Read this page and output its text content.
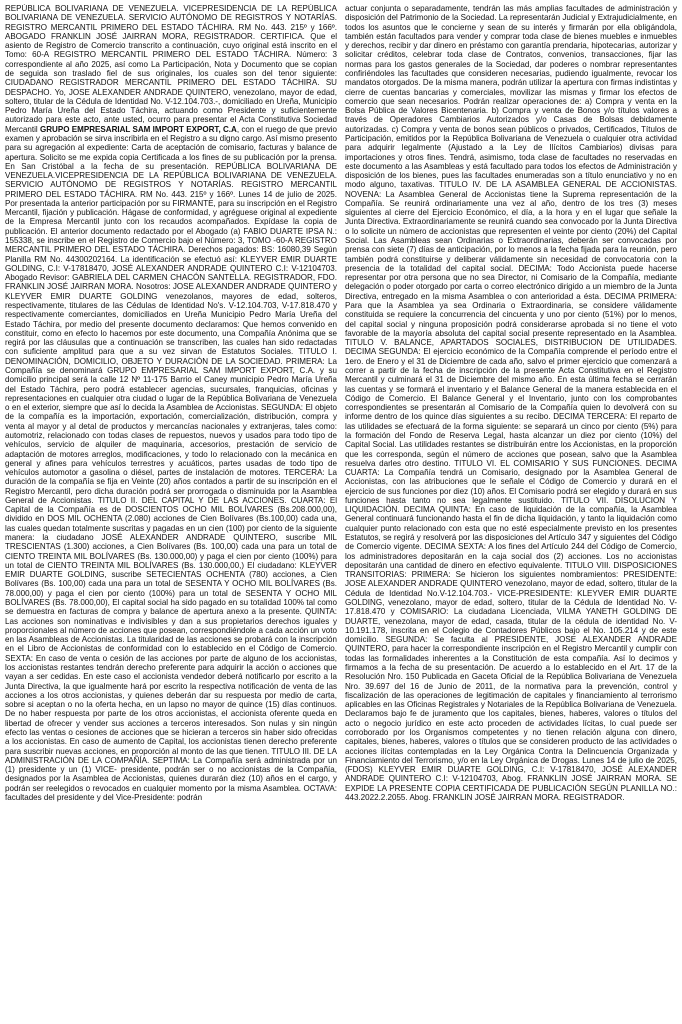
REPÚBLICA BOLIVARIANA DE VENEZUELA. VICEPRESIDENCIA DE LA REPÚBLICA BOLIVARIANA DE VENEZUELA. SERVICIO AUTÓNOMO DE REGISTROS Y NOTARÍAS. REGISTRO MERCANTIL PRIMERO DEL ESTADO TÁCHIRA. RM No. 443. 215º y 166º. ABOGADO FRANKLIN JOSÉ JAIRRAN MORA, REGISTRADOR. CERTIFICA. Que el asiento de Registro de Comercio transcrito a continuación, cuyo original está inscrito en el Tomo: 60-A REGISTRO MERCANTIL PRIMERO DEL ESTADO TÁCHIRA. Número: 3 correspondiente al año 2025, así como La Participación, Nota y Documento que se copian de seguida son traslado fiel de sus originales, los cuales son del tenor siguiente: CIUDADANO REGISTRADOR MERCANTIL PRIMERO DEL ESTADO TÁCHIRA. SU DESPACHO. Yo, JOSE ALEXANDER ANDRADE QUINTERO, venezolano, mayor de edad, soltero, titular de la Cédula de Identidad No. V-12.104.703.-, domiciliado en Ureña, Municipio Pedro María Ureña del Estado Táchira, actuando como Presidente y suficientemente autorizado para este acto, ante usted, ocurro para presentar el Acta Constitutiva Sociedad Mercantil GRUPO EMPRESARIAL SAM IMPORT EXPORT, C.A, con el ruego de que previo examen y aprobación se sirva inscribirla en el Registro a su digno cargo. Así mismo presento para su agregación al expediente: Carta de aceptación de comisario, facturas y balance de apertura. Solicito se me expida copia Certificada a los fines de su publicación por la prensa. En San Cristóbal a la fecha de su presentación. REPÚBLICA BOLIVARIANA DE VENEZUELA.VICEPRESIDENCIA DE LA REPÚBLICA BOLIVARIANA DE VENEZUELA. SERVICIO AUTÓNOMO DE REGISTROS Y NOTARÍAS. REGISTRO MERCANTIL PRIMERO DEL ESTADO TÁCHIRA. RM No. 443. 215º y 166º. Lunes 14 de julio de 2025. Por presentada la anterior participación por su FIRMANTE, para su inscripción en el Registro Mercantil, fijación y publicación. Hágase de conformidad, y agréguese original al expediente de la Empresa Mercantil junto con los recaudos acompañados. Expídase la copia de publicación. El anterior documento redactado por el Abogado (a) FABIO DUARTE IPSA N.: 155338, se inscribe en el Registro de Comercio bajo el Número: 3, TOMO -60-A REGISTRO MERCANTIL PRIMERO DEL ESTADO TÁCHIRA. Derechos pagados: BS: 16080,39 Según Planilla RM No. 44300202164. La identificación se efectuó así: KLEYVER EMIR DUARTE GOLDING, C.I: V-17818470, JOSÉ ALEXANDER ANDRADE QUINTERO C.I: V-12104703. Abogado Revisor: GABRIELA DEL CARMEN CHACÓN SANTELLA. REGISTRADOR, FDO. FRANKLIN JOSÉ JAIRRAN MORA. Nosotros: JOSE ALEXANDER ANDRADE QUINTERO y KLEYVER EMIR DUARTE GOLDING venezolanos, mayores de edad, solteros, respectivamente, titulares de las Cédulas de Identidad No's. V-12.104.703, V-17.818.470 y respectivamente comerciantes, domiciliados en Ureña Municipio Pedro María Ureña del Estado Táchira, por medio del presente documento declaramos: Que hemos convenido en constituir, como en efecto lo hacemos por este documento, una Compañía Anónima que se regirá por las cláusulas que a continuación se transcriben, las cuales han sido redactadas con suficiente amplitud para que a su vez sirvan de Estatutos Sociales. TITULO I. DENOMINACIÓN, DOMICILIO, OBJETO Y DURACIÓN DE LA SOCIEDAD. PRIMERA: La Compañía se denominará GRUPO EMPRESARIAL SAM IMPORT EXPORT, C.A. y su domicilio principal será la calle 12 Nº 11-175 Barrio el Caney municipio Pedro María Ureña del Estado Táchira, pero podrá establecer agencias, sucursales, franquicias, oficinas y representaciones en cualquier otra ciudad o lugar de la República Bolivariana de Venezuela o en el exterior, siempre que así lo decida la Asamblea de Accionistas. SEGUNDA: El objeto de la compañía es la importación, exportación, comercialización, distribución, compra y venta al mayor y al detal de productos y mercancías nacionales y extranjeras, tales como: automotriz, relacionado con todas clases de repuestos, nuevos y usados para todo tipo de vehículos, servicio de alquiler de maquinaria, accesorios, prestación de servicio de adaptación de motores arreglos, modificaciones, y todo lo relacionado con la mecánica en general y afines para vehículos terrestres y acuáticos, partes usadas de todo tipo de vehículos automotor a gasolina o diésel, partes de instalación de motores. TERCERA: La duración de la compañía se fija en Veinte (20) años contados a partir de su inscripción en el Registro Mercantil, pero dicha duración podrá ser prorrogada o disminuida por la Asamblea General de Accionistas. TITULO II. DEL CAPITAL Y DE LAS ACCIONES. CUARTA: El Capital de la Compañía es de DOSCIENTOS OCHO MIL BOLÍVARES (Bs.208.000,00), dividido en DOS MIL OCHENTA (2.080) acciones de Cien Bolívares (Bs.100,00) cada una, las cuales quedan totalmente suscritas y pagadas en un cien (100) por ciento de la siguiente manera: la ciudadano JOSÉ ALEXANDER ANDRADE QUINTERO, suscribe MIL TRESCIENTAS (1.300) acciones, a Cien Bolívares (Bs. 100,00) cada una para un total de CIENTO TREINTA MIL BOLÍVARES (Bs. 130.000,00) y paga el cien por ciento (100%) para un total de CIENTO TREINTA MIL BOLÍVARES (Bs. 130.000,00,) El ciudadano: KLEYVER EMIR DUARTE GOLDING, suscribe SETECIENTAS OCHENTA (780) acciones, a Cien Bolívares (Bs. 100,00) cada una para un total de SESENTA Y OCHO MIL BOLÍVARES (Bs. 78.000,00) y paga el cien por ciento (100%) para un total de SESENTA Y OCHO MIL BOLÍVARES (Bs. 78.000,00), El capital social ha sido pagado en su totalidad 100% tal como se demuestra en facturas de compra y balance de apertura anexo a la presente. QUINTA: Las acciones son nominativas e indivisibles y dan a sus propietarios derechos iguales y proporcionales al número de acciones que posean, correspondiéndole a cada acción un voto en las Asambleas de Accionistas. La titularidad de las acciones se probará con la inscripción en el Libro de Accionistas de conformidad con lo establecido en el Código de Comercio. SEXTA: En caso de venta o cesión de las acciones por parte de alguno de los accionistas, los accionistas restantes tendrán derecho preferente para adquirir la acción o acciones que vayan a ser cedidas. En este caso el accionista vendedor deberá notificarlo por escrito a la Junta Directiva, la que igualmente hará por escrito la respectiva notificación de venta de las acciones a los otros accionistas, y quienes deberán dar su respuesta por medio de carta, sobre si aceptan o no la oferta hecha, en un lapso no mayor de quince (15) días continuos. De no haber respuesta por parte de los otros accionistas, el accionista oferente queda en libertad de ofrecer y vender sus acciones a terceros interesados. Son nulas y sin ningún efecto las ventas o cesiones de acciones que se hicieran a terceros sin haber sido ofrecidas a los accionistas. En caso de aumento de Capital, los accionistas tienen derecho preferente para suscribir nuevas acciones, en proporción al monto de las que tienen. TITULO III. DE LA ADMINISTRACIÓN DE LA COMPAÑÍA. SEPTIMA: La Compañía será administrada por un (1) presidente y un (1) VICE- presidente, podrán ser o no accionistas de la Compañía, designados por la Asamblea de Accionistas, quienes durarán diez (10) años en el cargo, y podrán ser reelegidos o revocados en cualquier momento por la misma Asamblea. OCTAVA: facultades del presidente y del Vice-Presidente: podrán

actuar conjunta o separadamente, tendrán las más amplias facultades de administración y disposición del Patrimonio de la Sociedad. La representarán Judicial y Extrajudicialmente, en todos los asuntos que le concierne y sean de su interés y firmarán por ella obligándola, también están facultados para vender y comprar toda clase de bienes muebles e inmuebles y derechos, recibir y dar dinero en préstamo con garantía prendaria, hipotecarias, autorizar y solicitar créditos, celebrar toda clase de Contratos, convenios, transacciones, fijar las normas para los gastos generales de la Sociedad, dar poderes o nombrar representantes confiriéndoles las facultades que consideren necesarias, pudiendo igualmente, revocar los mandatos otorgados. De la misma manera, podrán utilizar la apertura con firmas indistintas y cierre de cuentas bancarias y comerciales, movilizar las mismas y firmar los efectos de comercio que sean necesarios. Podrán realizar operaciones de: a) Compra y venta en la Bolsa Pública de Valores Bicentenaria. b) Compra y venta de Bonos y/o títulos valores a través de Operadores Cambiarios Autorizados y/o Casas de Bolsas debidamente autorizadas. c) Compra y venta de bonos sean públicos o privados, Certificados, Títulos de Participación, emitidos por la República Bolivariana de Venezuela o cualquier otra actividad para adquirir legalmente (Ajustado a la Ley de Ilícitos Cambiarios) divisas para importaciones y otros fines. Tendrá, asimismo, toda clase de facultades no reservadas en este documento a las Asambleas y está facultado para todos los efectos de Administración y disposición de los bienes, pues las facultades enumeradas son a título enunciativo y no en modo alguno, taxativas. TITULO IV. DE LA ASAMBLEA GENERAL DE ACCIONISTAS. NOVENA: La Asamblea General de Accionistas tiene la Suprema representación de la Compañía. Se reunirá ordinariamente una vez al año, dentro de los tres (3) meses siguientes al cierre del Ejercicio Económico, el día, a la hora y en el lugar que señale la Junta Directiva. Extraordinariamente se reunirá cuando sea convocado por la Junta Directiva o lo solicite un número de accionistas que representen el veinte por ciento (20%) del Capital Social. Las Asambleas sean Ordinarias o Extraordinarias, deberán ser convocadas por prensa con siete (7) días de anticipación, por lo menos a la fecha fijada para la reunión, pero también podrá constituirse y deliberar válidamente sin necesidad de convocatoria con la presencia de la totalidad del capital social. DECIMA: Todo Accionista puede hacerse representar por otra persona que no sea Director, ni Comisario de la Compañía, mediante delegación o poder otorgado por carta o correo electrónico dirigido a un miembro de la Junta Directiva, entregado en la misma Asamblea o con anterioridad a ésta. DECIMA PRIMERA: Para que la Asamblea ya sea Ordinaria o Extraordinaria, se considere válidamente constituida se requiere la concurrencia del cincuenta y uno por ciento (51%) por lo menos, del capital social y ninguna proposición podrá considerarse aprobada si no tiene el voto favorable de la mayoría absoluta del capital social presente representado en la Asamblea. TITULO V. BALANCE, APARTADOS SOCIALES, DISTRIBUCION DE UTILIDADES. DECIMA SEGUNDA: El ejercicio económico de la Compañía comprende el período entre el 1ero. de Enero y el 31 de Diciembre de cada año, salvo el primer ejercicio que comenzará a correr a partir de la fecha de inscripción de la presente Acta Constitutiva en el Registro Mercantil y culminará el 31 de Diciembre del mismo año. En esta última fecha se cerrarán las cuentas y se formará el inventario y el Balance General de la manera establecida en el Código de Comercio. El Balance General y el Inventario, junto con los comprobantes correspondientes se presentarán al Comisario de la Compañía quien lo devolverá con su informe dentro de los quince días siguientes a su recibo. DECIMA TERCERA: El reparto de las utilidades se efectuará de la forma siguiente: se separará un cinco por ciento (5%) para la formación del Fondo de Reserva Legal, hasta alcanzar un diez por ciento (10%) del Capital Social. Las utilidades restantes se distribuirán entre los Accionistas, en la proporción que les corresponda, según el número de acciones que posean, salvo que la Asamblea resuelva darles otro destino. TITULO VI. EL COMISARIO Y SUS FUNCIONES. DECIMA CUARTA: La Compañía tendrá un Comisario, designado por la Asamblea General de Accionistas, con las atribuciones que le señale el Código de Comercio y durará en el ejercicio de sus funciones por diez (10) años. El Comisario podrá ser elegido y durará en sus funciones hasta tanto no sea legalmente sustituido. TITULO VII. DISOLUCION Y LIQUIDACIÓN. DECIMA QUINTA: En caso de liquidación de la compañía, la Asamblea General continuará funcionando hasta el fin de dicha liquidación, y tanto la liquidación como cualquier punto relacionado con esta que no esté especialmente previsto en los presentes Estatutos, se regirá y resolverá por las disposiciones del Artículo 347 y siguientes del Código de Comercio vigente. DECIMA SEXTA: A los fines del Artículo 244 del Código de Comercio, los administradores depositarán en la caja social dos (2) acciones. Los no accionistas depositarán una cantidad de dinero en efectivo equivalente. TITULO VIII. DISPOSICIONES TRANSITORIAS: PRIMERA: Se hicieron los siguientes nombramientos: PRESIDENTE: JOSE ALEXANDER ANDRADE QUINTERO venezolano, mayor de edad, soltero, titular de la Cédula de Identidad No.V-12.104.703.- VICE-PRESIDENTE: KLEYVER EMIR DUARTE GOLDING, venezolano, mayor de edad, soltero, titular de la Cédula de Identidad No. V-17.818.470 y COMISARIO: La ciudadana Licenciada, VILMA YANETH GOLDING DE DUARTE, venezolana, mayor de edad, casada, titular de la cédula de identidad No. V-10.191.178, inscrita en el Colegio de Contadores Públicos bajo el No. 105.214 y de este domicilio. SEGUNDA: Se faculta al PRESIDENTE, JOSE ALEXANDER ANDRADE QUINTERO, para hacer la correspondiente inscripción en el Registro Mercantil y cumplir con todas las formalidades inherentes a la Constitución de esta compañía. Así lo decimos y firmamos a la fecha de su presentación. De acuerdo a lo establecido en el Art. 17 de la Resolución Nro. 150 Publicada en Gaceta Oficial de la República Bolivariana de Venezuela Nro. 39.697 del 16 de Junio de 2011, de la normativa para la prevención, control y fiscalización de las operaciones de legitimación de capitales y financiamiento al terrorismo aplicables en las Oficinas Registrales y Notariales de la República Bolivariana de Venezuela. Declaramos bajo fe de juramento que los capitales, bienes, haberes, valores o títulos del acto o negocio jurídico en este acto proceden de actividades lícitas, lo cual puede ser corroborado por los Organismos competentes y no tienen relación alguna con dinero, capitales, bienes, haberes, valores o títulos que se consideren producto de las actividades o acciones ilícitas contempladas en la Ley Orgánica Contra la Delincuencia Organizada y Financiamiento del Terrorismo, y/o en la Ley Orgánica de Drogas. Lunes 14 de julio de 2025, (FDOS) KLEYVER EMIR DUARTE GOLDING, C.I: V-17818470, JOSÉ ALEXANDER ANDRADE QUINTERO C.I: V-12104703, Abog. FRANKLIN JOSÉ JAIRRAN MORA. SE EXPIDE LA PRESENTE COPIA CERTIFICADA DE PUBLICACIÓN SEGÚN PLANILLA NO.: 443.2022.2.2055. Abog. FRANKLIN JOSÉ JAIRRAN MORA. REGISTRADOR.
